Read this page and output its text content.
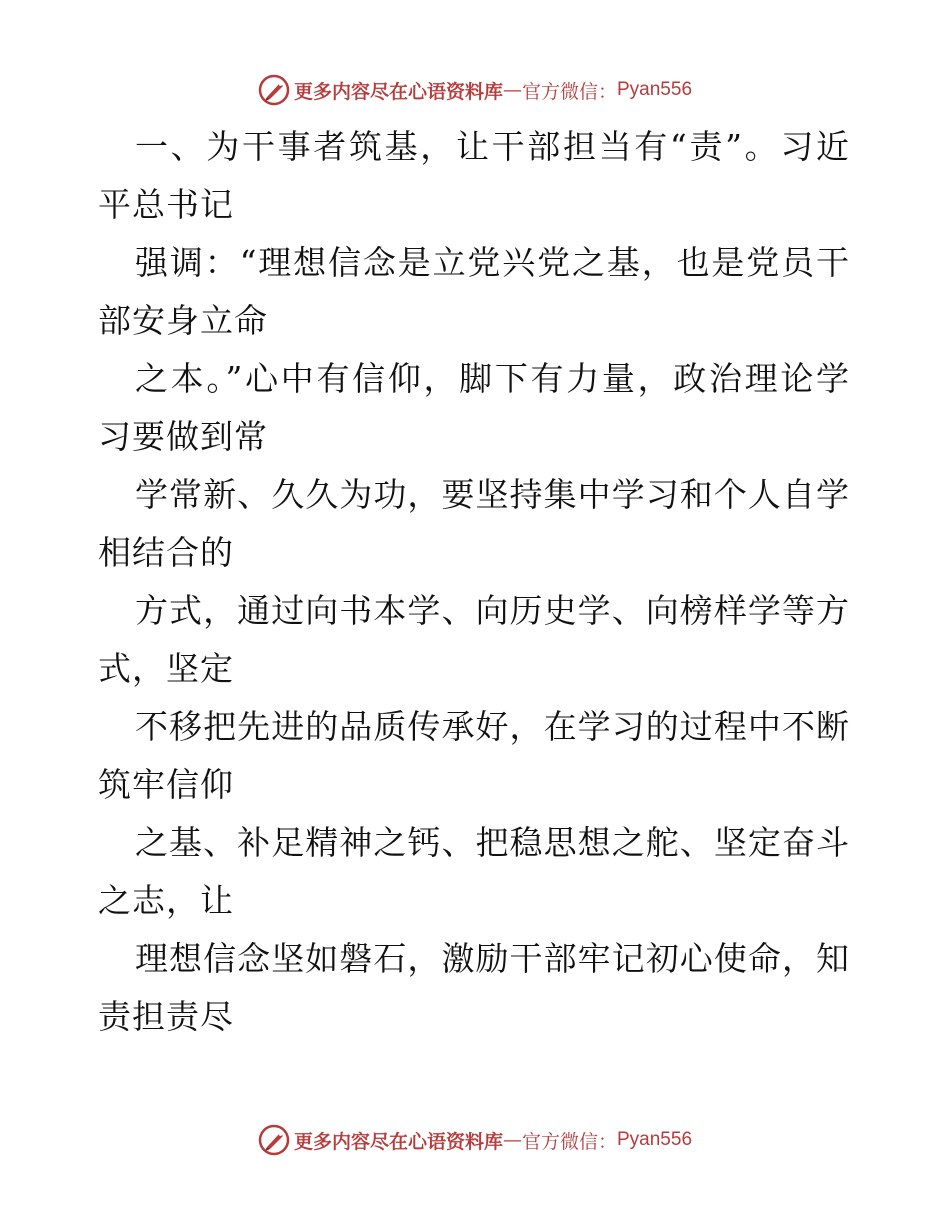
更多内容尽在心语资料库 — 官方微信： Pyan556
一、为干事者筑基，让干部担当有“责”。习近
平总书记
强调：“理想信念是立党兴党之基，也是党员干
部安身立命
之本。”心中有信仰，脚下有力量，政治理论学
习要做到常
学常新、久久为功，要坚持集中学习和个人自学
相结合的
方式，通过向书本学、向历史学、向榜样学等方
式，坚定
不移把先进的品质传承好，在学习的过程中不断
筑牢信仰
之基、补足精神之钙、把稳思想之舵、坚定奋斗
之志，让
理想信念坚如磐石，激励干部牢记初心使命，知
责担责尽
更多内容尽在心语资料库 — 官方微信： Pyan556
